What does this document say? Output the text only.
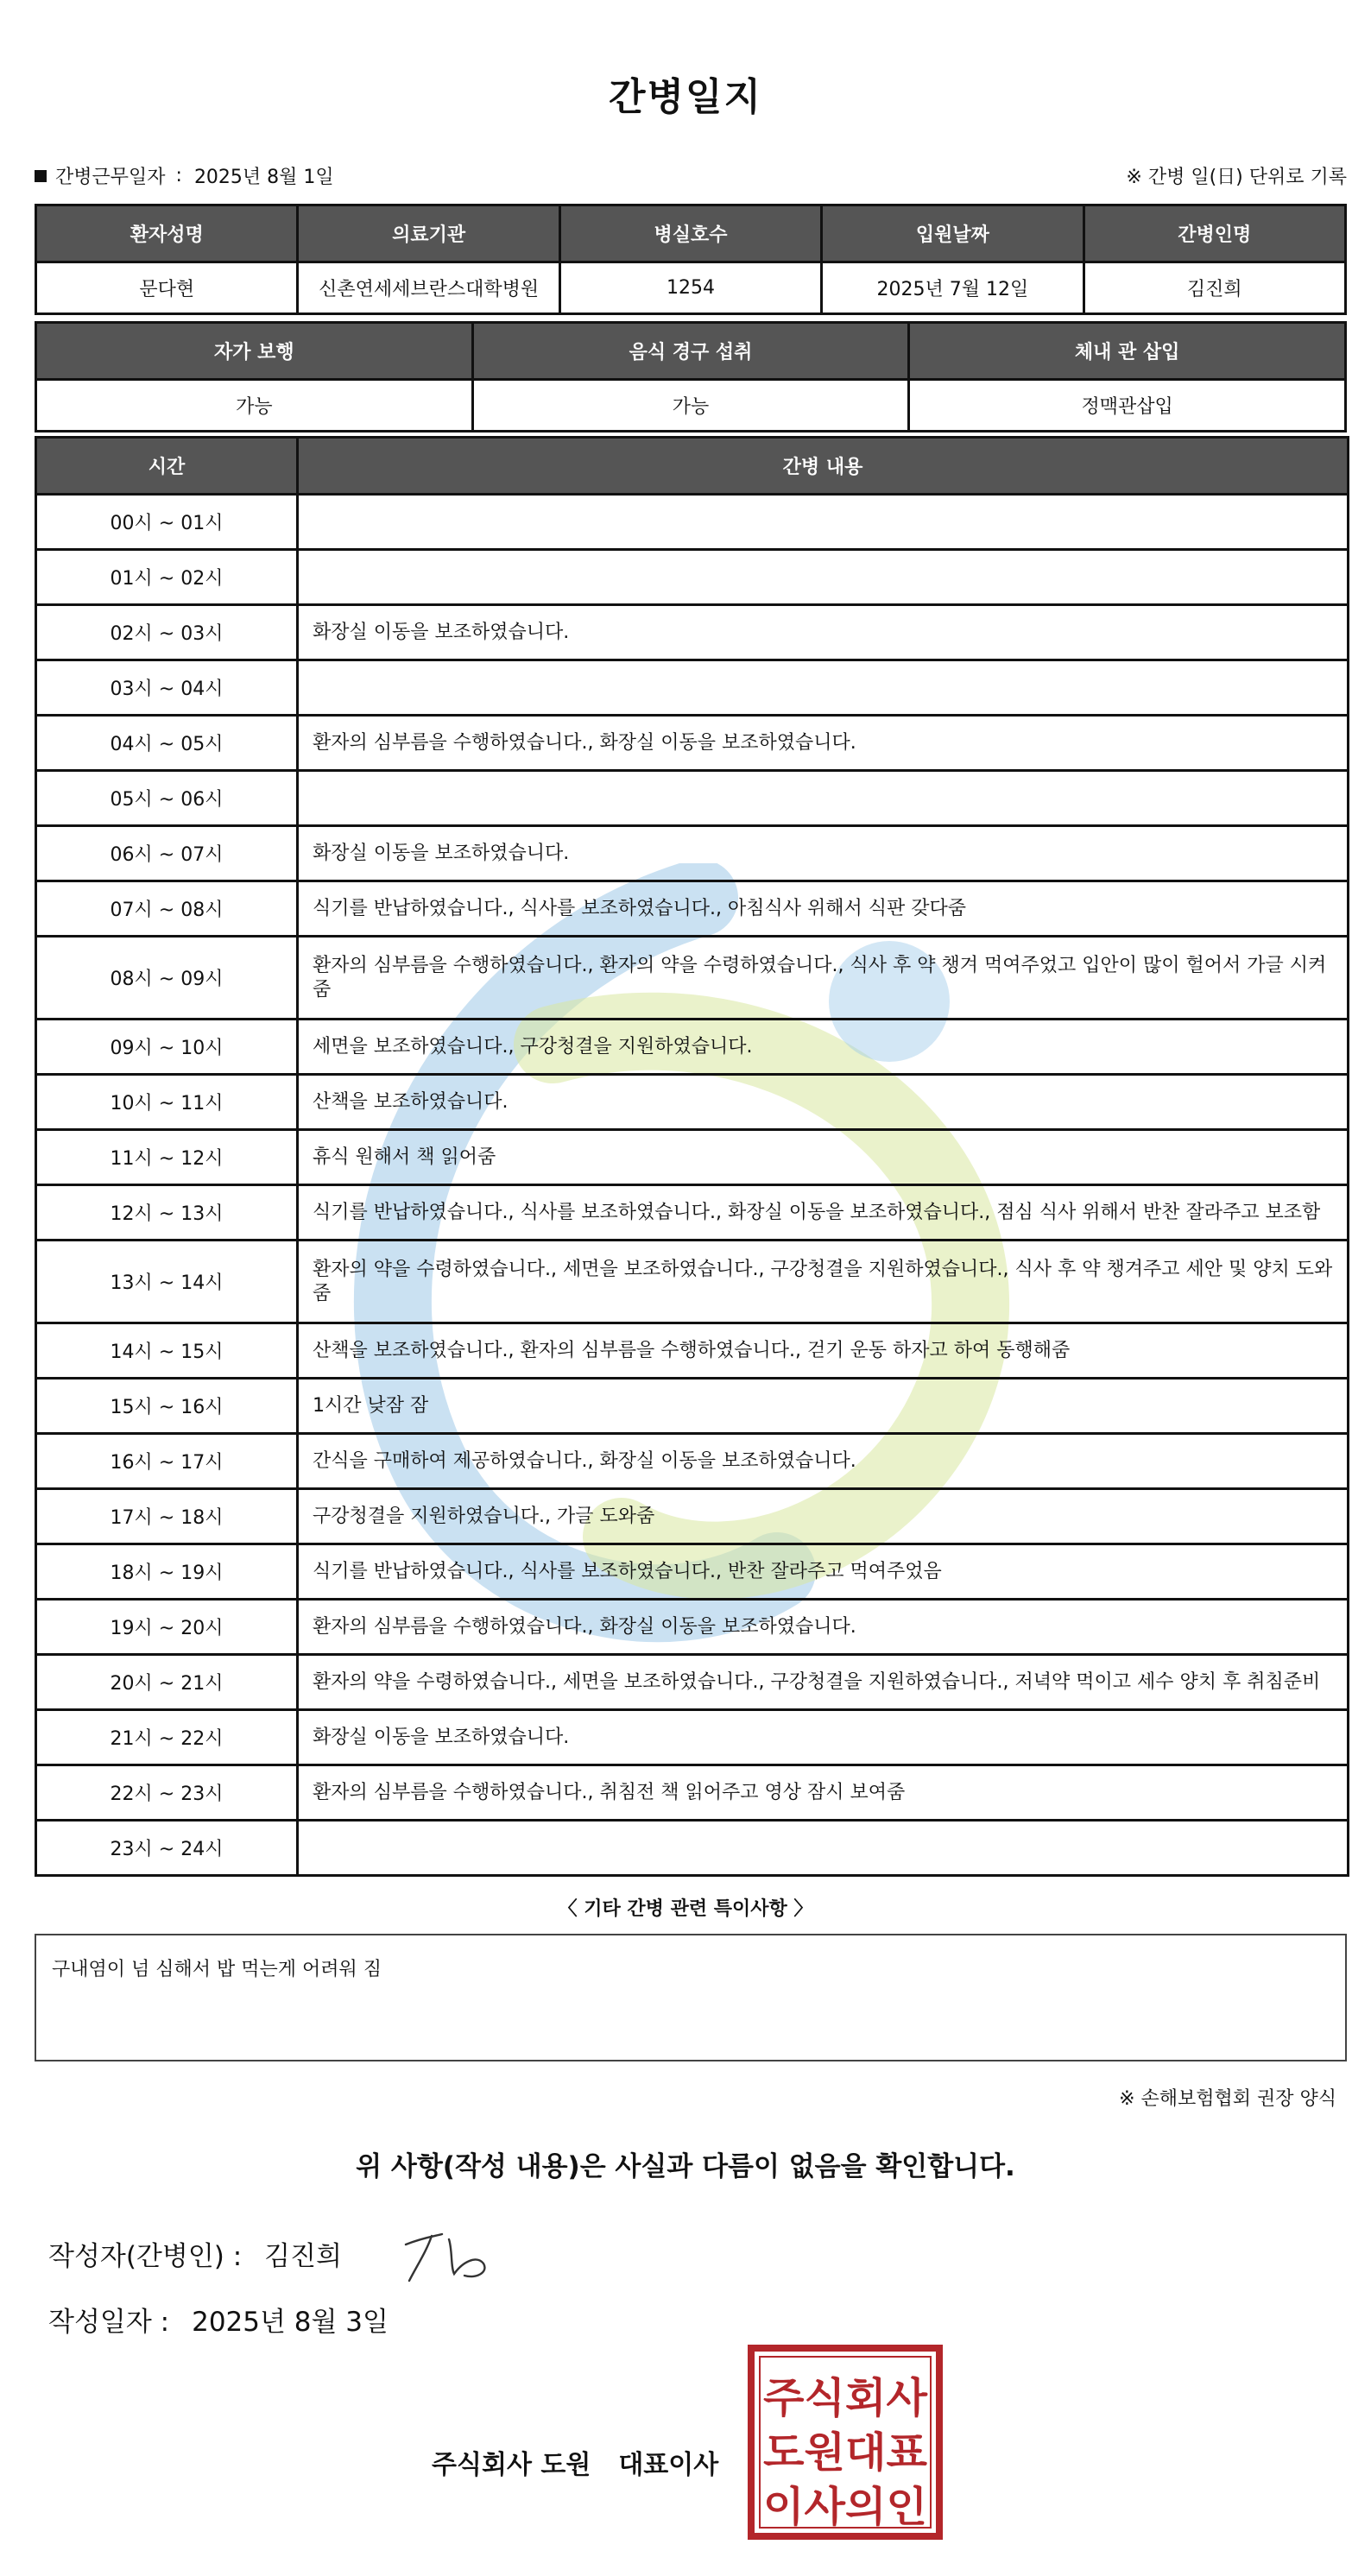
간병일지
간병근무일자 : 2025년 8월 1일	※ 간병 일(日) 단위로 기록
환자성명	의료기관	병실호수	입원날짜	간병인명
문다현	신촌연세세브란스대학병원	1254	2025년 7월 12일	김진희
자가 보행	음식 경구 섭취	체내 관 삽입
가능	가능	정맥관삽입
시간	간병 내용
00시 ~ 01시	
01시 ~ 02시	
02시 ~ 03시	화장실 이동을 보조하였습니다.
03시 ~ 04시	
04시 ~ 05시	환자의 심부름을 수행하였습니다., 화장실 이동을 보조하였습니다.
05시 ~ 06시	
06시 ~ 07시	화장실 이동을 보조하였습니다.
07시 ~ 08시	식기를 반납하였습니다., 식사를 보조하였습니다., 아침식사 위해서 식판 갖다줌
08시 ~ 09시	환자의 심부름을 수행하였습니다., 환자의 약을 수령하였습니다., 식사 후 약 챙겨 먹여주었고 입안이 많이 헐어서 가글 시켜줌
09시 ~ 10시	세면을 보조하였습니다., 구강청결을 지원하였습니다.
10시 ~ 11시	산책을 보조하였습니다.
11시 ~ 12시	휴식 원해서 책 읽어줌
12시 ~ 13시	식기를 반납하였습니다., 식사를 보조하였습니다., 화장실 이동을 보조하였습니다., 점심 식사 위해서 반찬 잘라주고 보조함
13시 ~ 14시	환자의 약을 수령하였습니다., 세면을 보조하였습니다., 구강청결을 지원하였습니다., 식사 후 약 챙겨주고 세안 및 양치 도와줌
14시 ~ 15시	산책을 보조하였습니다., 환자의 심부름을 수행하였습니다., 걷기 운동 하자고 하여 동행해줌
15시 ~ 16시	1시간 낮잠 잠
16시 ~ 17시	간식을 구매하여 제공하였습니다., 화장실 이동을 보조하였습니다.
17시 ~ 18시	구강청결을 지원하였습니다., 가글 도와줌
18시 ~ 19시	식기를 반납하였습니다., 식사를 보조하였습니다., 반찬 잘라주고 먹여주었음
19시 ~ 20시	환자의 심부름을 수행하였습니다., 화장실 이동을 보조하였습니다.
20시 ~ 21시	환자의 약을 수령하였습니다., 세면을 보조하였습니다., 구강청결을 지원하였습니다., 저녁약 먹이고 세수 양치 후 취침준비
21시 ~ 22시	화장실 이동을 보조하였습니다.
22시 ~ 23시	환자의 심부름을 수행하였습니다., 취침전 책 읽어주고 영상 잠시 보여줌
23시 ~ 24시	
〈 기타 간병 관련 특이사항 〉
구내염이 넘 심해서 밥 먹는게 어려워 짐
※ 손해보험협회 권장 양식
위 사항(작성 내용)은 사실과 다름이 없음을 확인합니다.
작성자(간병인) : 김진희
작성일자 : 2025년 8월 3일
주식회사 도원 대표이사
주식회사
도원대표
이사의인
